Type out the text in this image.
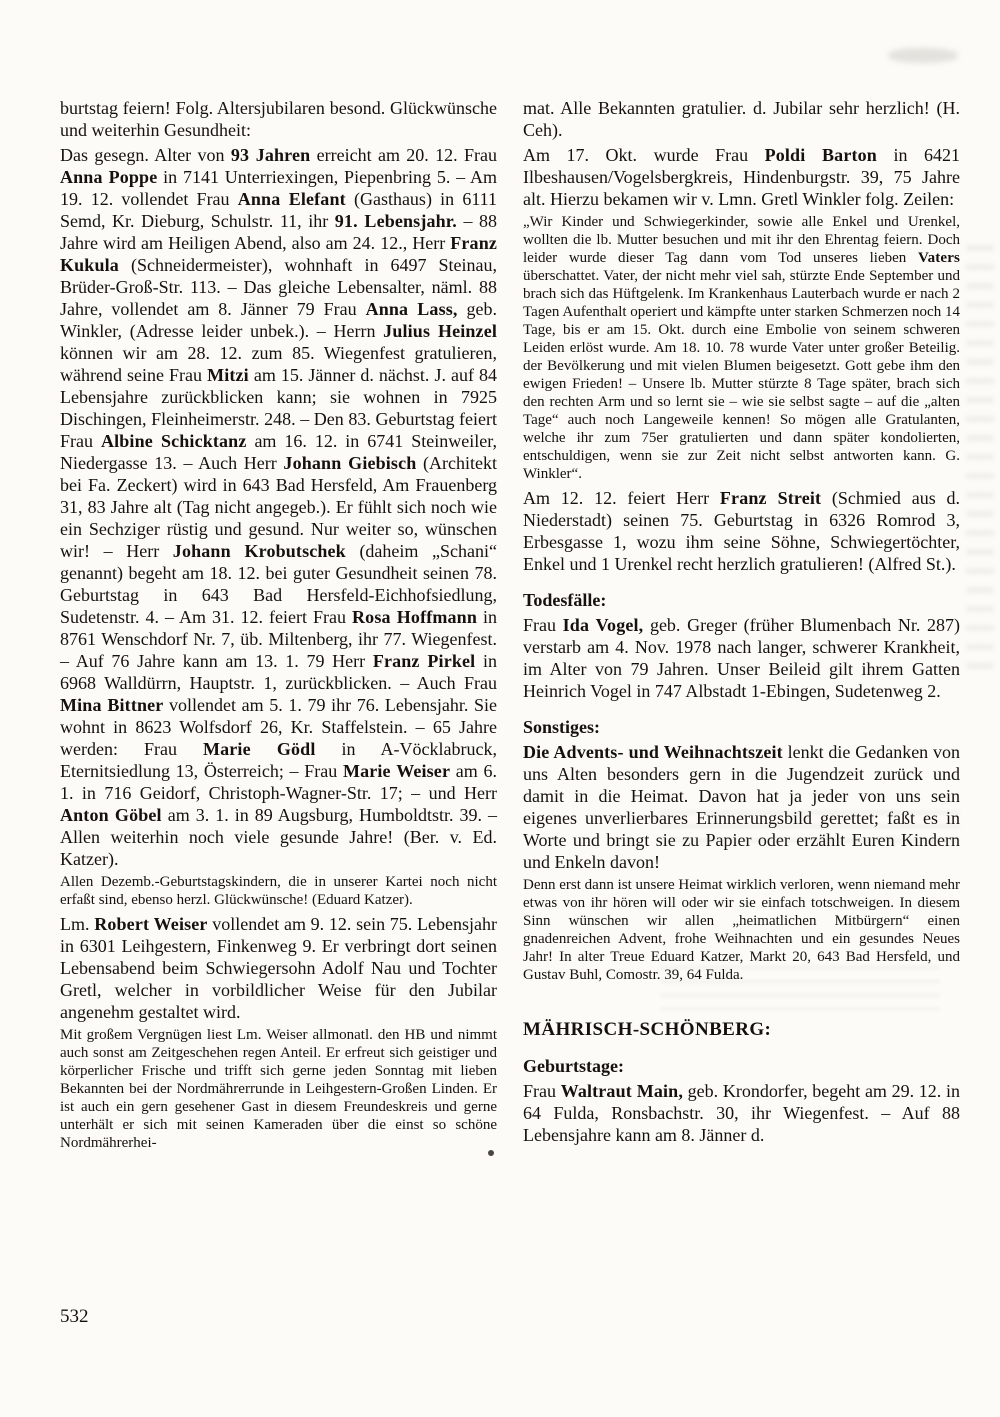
burtstag feiern! Folg. Altersjubilaren besond. Glückwünsche und weiterhin Gesundheit:

Das gesegn. Alter von 93 Jahren erreicht am 20. 12. Frau Anna Poppe in 7141 Unterriexingen, Piepenbring 5. – Am 19. 12. vollendet Frau Anna Elefant (Gasthaus) in 6111 Semd, Kr. Dieburg, Schulstr. 11, ihr 91. Lebensjahr. – 88 Jahre wird am Heiligen Abend, also am 24. 12., Herr Franz Kukula (Schneidermeister), wohnhaft in 6497 Steinau, Brüder-Groß-Str. 113. – Das gleiche Lebensalter, näml. 88 Jahre, vollendet am 8. Jänner 79 Frau Anna Lass, geb. Winkler, (Adresse leider unbek.). – Herrn Julius Heinzel können wir am 28. 12. zum 85. Wiegenfest gratulieren, während seine Frau Mitzi am 15. Jänner d. nächst. J. auf 84 Lebensjahre zurückblicken kann; sie wohnen in 7925 Dischingen, Fleinheimerstr. 248. – Den 83. Geburtstag feiert Frau Albine Schicktanz am 16. 12. in 6741 Steinweiler, Niedergasse 13. – Auch Herr Johann Giebisch (Architekt bei Fa. Zeckert) wird in 643 Bad Hersfeld, Am Frauenberg 31, 83 Jahre alt (Tag nicht angegeb.). Er fühlt sich noch wie ein Sechziger rüstig und gesund. Nur weiter so, wünschen wir! – Herr Johann Krobutschek (daheim „Schani“ genannt) begeht am 18. 12. bei guter Gesundheit seinen 78. Geburtstag in 643 Bad Hersfeld-Eichhofsiedlung, Sudetenstr. 4. – Am 31. 12. feiert Frau Rosa Hoffmann in 8761 Wenschdorf Nr. 7, üb. Miltenberg, ihr 77. Wiegenfest. – Auf 76 Jahre kann am 13. 1. 79 Herr Franz Pirkel in 6968 Walldürrn, Hauptstr. 1, zurückblicken. – Auch Frau Mina Bittner vollendet am 5. 1. 79 ihr 76. Lebensjahr. Sie wohnt in 8623 Wolfsdorf 26, Kr. Staffelstein. – 65 Jahre werden: Frau Marie Gödl in A-Vöcklabruck, Eternitsiedlung 13, Österreich; – Frau Marie Weiser am 6. 1. in 716 Geidorf, Christoph-Wagner-Str. 17; – und Herr Anton Göbel am 3. 1. in 89 Augsburg, Humboldtstr. 39. – Allen weiterhin noch viele gesunde Jahre! (Ber. v. Ed. Katzer).

Allen Dezemb.-Geburtstagskindern, die in unserer Kartei noch nicht erfaßt sind, ebenso herzl. Glückwünsche! (Eduard Katzer).

Lm. Robert Weiser vollendet am 9. 12. sein 75. Lebensjahr in 6301 Leihgestern, Finkenweg 9. Er verbringt dort seinen Lebensabend beim Schwiegersohn Adolf Nau und Tochter Gretl, welcher in vorbildlicher Weise für den Jubilar angenehm gestaltet wird.

Mit großem Vergnügen liest Lm. Weiser allmonatl. den HB und nimmt auch sonst am Zeitgeschehen regen Anteil. Er erfreut sich geistiger und körperlicher Frische und trifft sich gerne jeden Sonntag mit lieben Bekannten bei der Nordmährerrunde in Leihgestern-Großen Linden. Er ist auch ein gern gesehener Gast in diesem Freundeskreis und gerne unterhält er sich mit seinen Kameraden über die einst so schöne Nordmährerhei-

mat. Alle Bekannten gratulier. d. Jubilar sehr herzlich! (H. Ceh).

Am 17. Okt. wurde Frau Poldi Barton in 6421 Ilbeshausen/Vogelsbergkreis, Hindenburgstr. 39, 75 Jahre alt. Hierzu bekamen wir v. Lmn. Gretl Winkler folg. Zeilen:

„Wir Kinder und Schwiegerkinder, sowie alle Enkel und Urenkel, wollten die lb. Mutter besuchen und mit ihr den Ehrentag feiern. Doch leider wurde dieser Tag dann vom Tod unseres lieben Vaters überschattet. Vater, der nicht mehr viel sah, stürzte Ende September und brach sich das Hüftgelenk. Im Krankenhaus Lauterbach wurde er nach 2 Tagen Aufenthalt operiert und kämpfte unter starken Schmerzen noch 14 Tage, bis er am 15. Okt. durch eine Embolie von seinem schweren Leiden erlöst wurde. Am 18. 10. 78 wurde Vater unter großer Beteilig. der Bevölkerung und mit vielen Blumen beigesetzt. Gott gebe ihm den ewigen Frieden! – Unsere lb. Mutter stürzte 8 Tage später, brach sich den rechten Arm und so lernt sie – wie sie selbst sagte – auf die „alten Tage“ auch noch Langeweile kennen! So mögen alle Gratulanten, welche ihr zum 75er gratulierten und dann später kondolierten, entschuldigen, wenn sie zur Zeit nicht selbst antworten kann. G. Winkler“.

Am 12. 12. feiert Herr Franz Streit (Schmied aus d. Niederstadt) seinen 75. Geburtstag in 6326 Romrod 3, Erbesgasse 1, wozu ihm seine Söhne, Schwiegertöchter, Enkel und 1 Urenkel recht herzlich gratulieren! (Alfred St.).

Todesfälle:

Frau Ida Vogel, geb. Greger (früher Blumenbach Nr. 287) verstarb am 4. Nov. 1978 nach langer, schwerer Krankheit, im Alter von 79 Jahren. Unser Beileid gilt ihrem Gatten Heinrich Vogel in 747 Albstadt 1-Ebingen, Sudetenweg 2.

Sonstiges:

Die Advents- und Weihnachtszeit lenkt die Gedanken von uns Alten besonders gern in die Jugendzeit zurück und damit in die Heimat. Davon hat ja jeder von uns sein eigenes unverlierbares Erinnerungsbild gerettet; faßt es in Worte und bringt sie zu Papier oder erzählt Euren Kindern und Enkeln davon!

Denn erst dann ist unsere Heimat wirklich verloren, wenn niemand mehr etwas von ihr hören will oder wir sie einfach totschweigen. In diesem Sinn wünschen wir allen „heimatlichen Mitbürgern“ einen gnadenreichen Advent, frohe Weihnachten und ein gesundes Neues Jahr! In alter Treue Eduard Katzer, Markt 20, 643 Bad Hersfeld, und Gustav Buhl, Comostr. 39, 64 Fulda.

MÄHRISCH-SCHÖNBERG:
Geburtstage:

Frau Waltraut Main, geb. Krondorfer, begeht am 29. 12. in 64 Fulda, Ronsbachstr. 30, ihr Wiegenfest. – Auf 88 Lebensjahre kann am 8. Jänner d.

532
